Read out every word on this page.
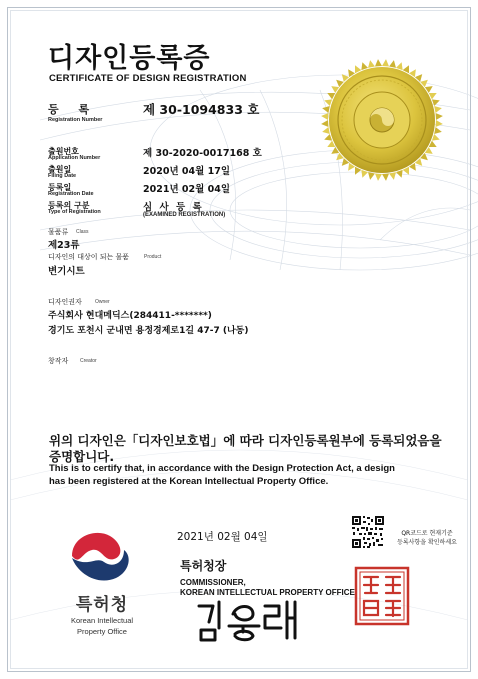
디자인등록증
CERTIFICATE OF DESIGN REGISTRATION
등 록
Registration Number
제 30-1094833 호
출원번호
Application Number	제 30-2020-0017168 호
출원일
Filing Date	2020년 04월 17일
등록일
Registration Date	2021년 02월 04일
등록의 구분
Type of Registration	심 사 등 록
(EXAMINED REGISTRATION)
물품류 Class
제23류
디자인의 대상이 되는 물품	Product
변기시트
디자인권자	Owner
주식회사 현대메딕스(284411-*******)
경기도 포천시 군내면 용정경제로1길 47-7 (나동)
창작자 Creator
위의 디자인은「디자인보호법」에 따라 디자인등록원부에 등록되었음을
증명합니다.
This is to certify that, in accordance with the Design Protection Act, a design
has been registered at the Korean Intellectual Property Office.
특허청
Korean Intellectual
Property Office
2021년 02월 04일	QR코드로 현재기준
등록사항을 확인하세요
특허청장
COMMISSIONER,
KOREAN INTELLECTUAL PROPERTY OFFICE
